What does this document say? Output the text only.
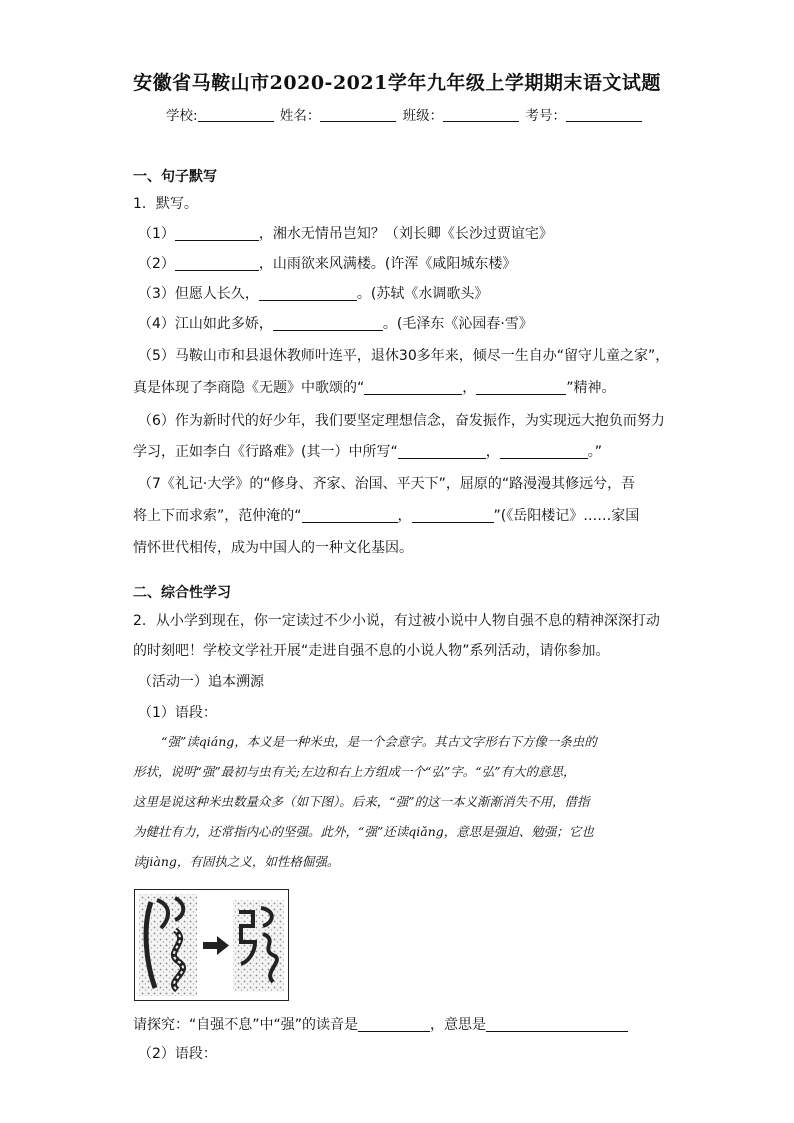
安徽省马鞍山市2020-2021学年九年级上学期期末语文试题
学校:	姓名：	班级：	考号：
一、句子默写
1．默写。
（1）	，湘水无情吊岂知？（刘长卿《长沙过贾谊宅》
（2）	，山雨欲来风满楼。(许浑《咸阳城东楼》
（3）但愿人长久，	。(苏轼《水调歌头》
（4）江山如此多娇，	。(毛泽东《沁园春·雪》
（5）马鞍山市和县退休教师叶连平，退休30多年来，倾尽一生自办“留守儿童之家”，
真是体现了李商隐《无题》中歌颂的“	，	”精神。
（6）作为新时代的好少年，我们要坚定理想信念，奋发振作，为实现远大抱负而努力
学习，正如李白《行路难》(其一）中所写“	，	。”
（7《礼记·大学》的“修身、齐家、治国、平天下”，屈原的“路漫漫其修远兮，吾
将上下而求索”，范仲淹的“	，	”(《岳阳楼记》……家国
情怀世代相传，成为中国人的一种文化基因。
二、综合性学习
2．从小学到现在，你一定读过不少小说，有过被小说中人物自强不息的精神深深打动
的时刻吧！学校文学社开展“走进自强不息的小说人物”系列活动，请你参加。
（活动一）追本溯源
（1）语段：

“强”读qiáng，本义是一种米虫，是一个会意字。其古文字形右下方像一条虫的

形状，说明“强”最初与虫有关;左边和右上方组成一个“弘”字。“弘”有大的意思，

这里是说这种米虫数量众多（如下图）。后来，“强”的这一本义渐渐消失不用，借指

为健壮有力，还常指内心的坚强。此外，“强”还读qiǎng，意思是强迫、勉强；它也

读jiàng，有固执之义，如性格倔强。

请探究：“自强不息”中“强”的读音是	，意思是
（2）语段：
